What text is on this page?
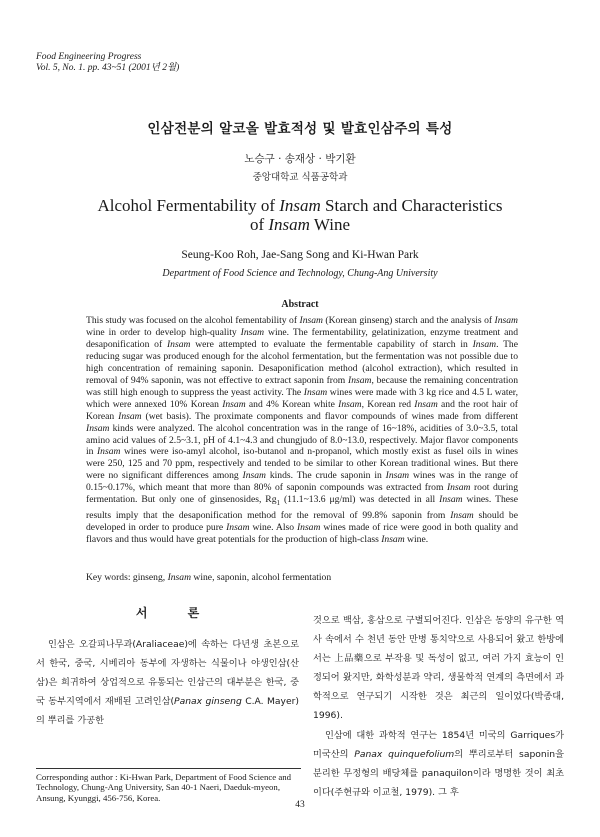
Food Engineering Progress
Vol. 5, No. 1. pp. 43~51 (2001년 2월)
인삼전분의 알코올 발효적성 및 발효인삼주의 특성
노승구 · 송재상 · 박기환
중앙대학교 식품공학과
Alcohol Fermentability of Insam Starch and Characteristics
of Insam Wine
Seung-Koo Roh, Jae-Sang Song and Ki-Hwan Park
Department of Food Science and Technology, Chung-Ang University
Abstract

This study was focused on the alcohol fementability of Insam (Korean ginseng) starch and the analysis of Insam wine in order to develop high-quality Insam wine. The fermentability, gelatinization, enzyme treatment and desaponification of Insam were attempted to evaluate the fermentable capability of starch in Insam. The reducing sugar was produced enough for the alcohol fermentation, but the fermentation was not possible due to high concentration of remaining saponin. Desaponification method (alcohol extraction), which resulted in removal of 94% saponin, was not effective to extract saponin from Insam, because the remaining concentration was still high enough to suppress the yeast activity. The Insam wines were made with 3 kg rice and 4.5 L water, which were annexed 10% Korean Insam and 4% Korean white Insam, Korean red Insam and the root hair of Korean Insam (wet basis). The proximate components and flavor compounds of wines made from different Insam kinds were analyzed. The alcohol concentration was in the range of 16~18%, acidities of 3.0~3.5, total amino acid values of 2.5~3.1, pH of 4.1~4.3 and chungjudo of 8.0~13.0, respectively. Major flavor components in Insam wines were iso-amyl alcohol, iso-butanol and n-propanol, which mostly exist as fusel oils in wines were 250, 125 and 70 ppm, respectively and tended to be similar to other Korean traditional wines. But there were no significant differences among Insam kinds. The crude saponin in Insam wines was in the range of 0.15~0.17%, which meant that more than 80% of saponin compounds was extracted from Insam root during fermentation. But only one of ginsenosides, $Rg_1$ (11.1~13.6 μg/ml) was detected in all Insam wines. These results imply that the desaponification method for the removal of 99.8% saponin from Insam should be developed in order to produce pure Insam wine. Also Insam wines made of rice were good in both quality and flavors and thus would have great potentials for the production of high-class Insam wine.

Key words: ginseng, Insam wine, saponin, alcohol fermentation
서 론

인삼은 오갈피나무과(Araliaceae)에 속하는 다년생 초본으로서 한국, 중국, 시베리아 동부에 자생하는 식물이나 야생인삼(산삼)은 희귀하여 상업적으로 유통되는 인삼근의 대부분은 한국, 중국 동부지역에서 재배된 고려인삼(Panax ginseng C.A. Mayer)의 뿌리를 가공한

것으로 백삼, 홍삼으로 구별되어진다. 인삼은 동양의 유구한 역사 속에서 수 천년 동안 만병 통치약으로 사용되어 왔고 한방에서는 上品藥으로 부작용 및 독성이 없고, 여러 가지 효능이 인정되어 왔지만, 화학성분과 약리, 생물학적 연계의 측면에서 과학적으로 연구되기 시작한 것은 최근의 일이었다(박종대, 1996).

인삼에 대한 과학적 연구는 1854년 미국의 Garriques가 미국산의 Panax quinquefolium의 뿌리로부터 saponin을 분리한 무정형의 배당체를 panaquilon이라 명명한 것이 최초이다(주현규와 이교철, 1979). 그 후

Corresponding author : Ki-Hwan Park, Department of Food Science and Technology, Chung-Ang University, San 40-1 Naeri, Daeduk-myeon, Ansung, Kyunggi, 456-756, Korea.
43
